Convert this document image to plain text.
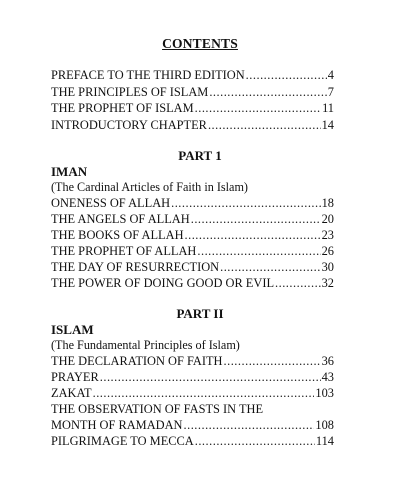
CONTENTS
PREFACE TO THE THIRD EDITION .....	4
THE PRINCIPLES OF ISLAM .....	7
THE PROPHET OF ISLAM .....	11
INTRODUCTORY CHAPTER .....	14
PART 1
IMAN
(The Cardinal Articles of Faith in Islam)
ONENESS OF ALLAH .....	18
THE ANGELS OF ALLAH .....	20
THE BOOKS OF ALLAH .....	23
THE PROPHET OF ALLAH .....	26
THE DAY OF RESURRECTION .....	30
THE POWER OF DOING GOOD OR EVIL .....	32
PART II
ISLAM
(The Fundamental Principles of Islam)
THE DECLARATION OF FAITH .....	36
PRAYER .....	43
ZAKAT .....	103
THE OBSERVATION OF FASTS IN THE
MONTH OF RAMADAN .....	108
PILGRIMAGE TO MECCA .....	114
